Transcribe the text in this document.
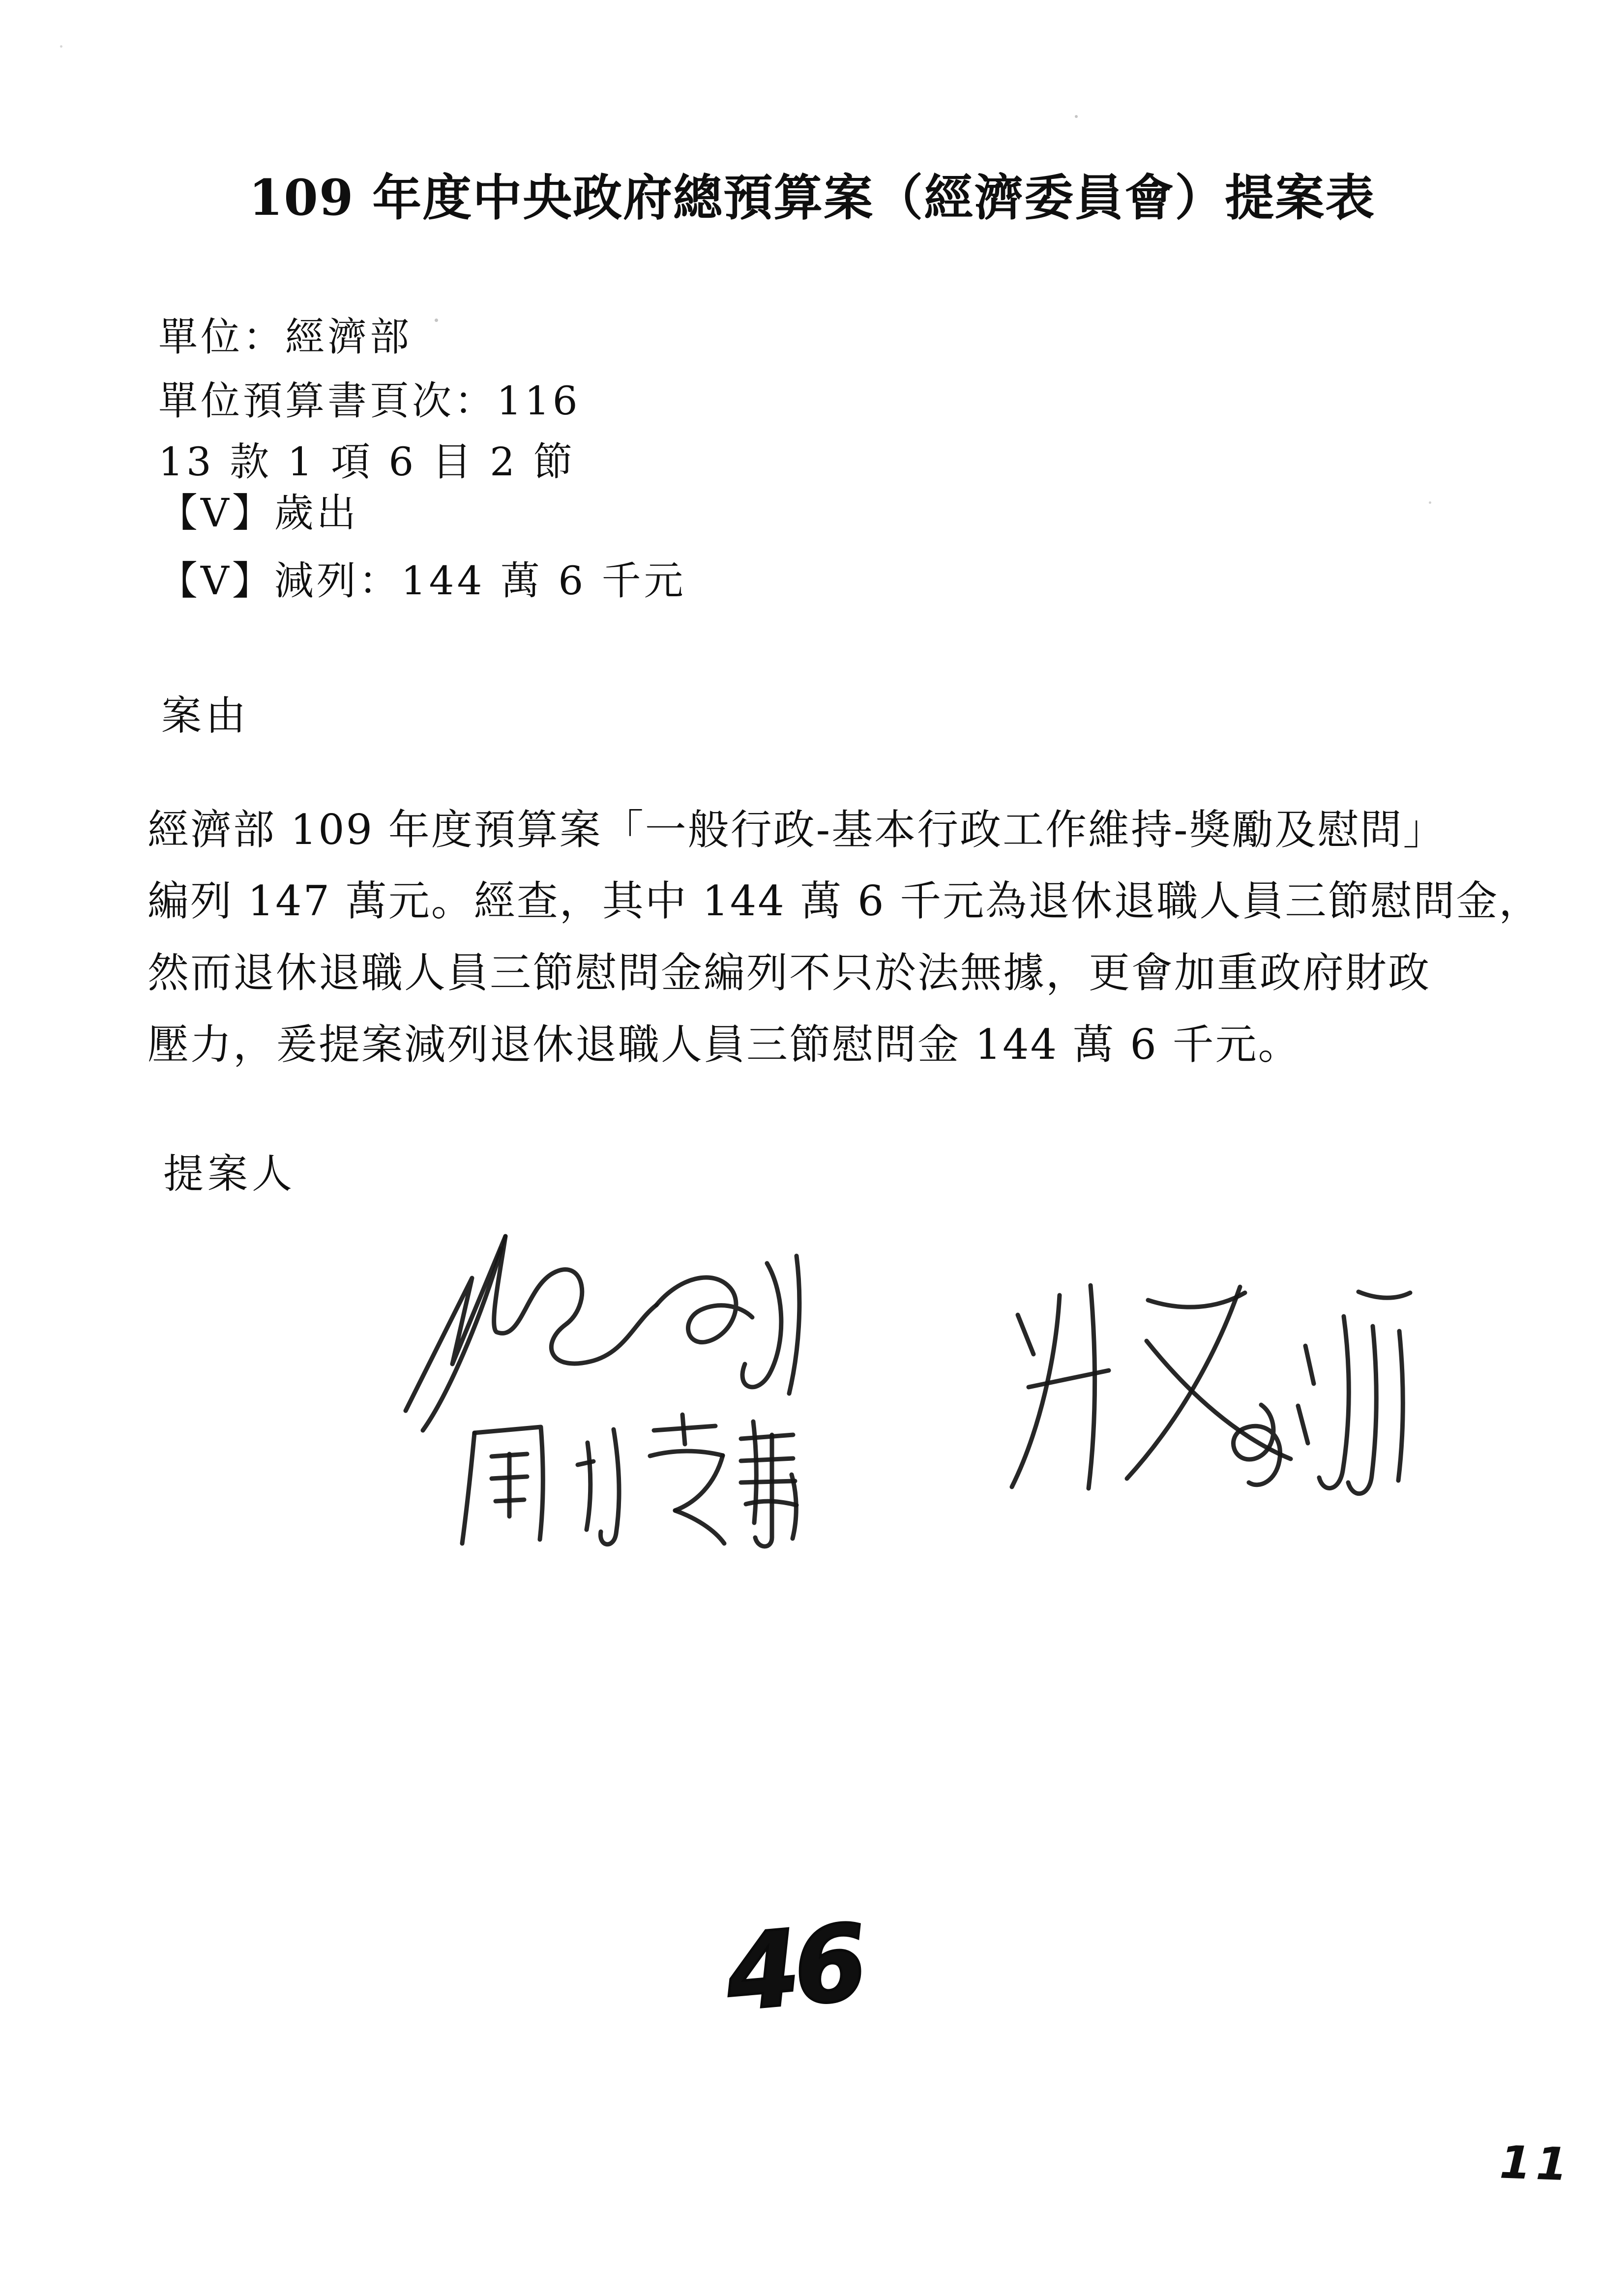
109 年度中央政府總預算案（經濟委員會）提案表
單位：經濟部
單位預算書頁次：116
13 款 1 項 6 目 2 節
【V】歲出
【V】減列：144 萬 6 千元
案由
經濟部 109 年度預算案「一般行政-基本行政工作維持-獎勵及慰問」
編列 147 萬元。經查，其中 144 萬 6 千元為退休退職人員三節慰問金，
然而退休退職人員三節慰問金編列不只於法無據，更會加重政府財政
壓力，爰提案減列退休退職人員三節慰問金 144 萬 6 千元。
提案人
46
11
